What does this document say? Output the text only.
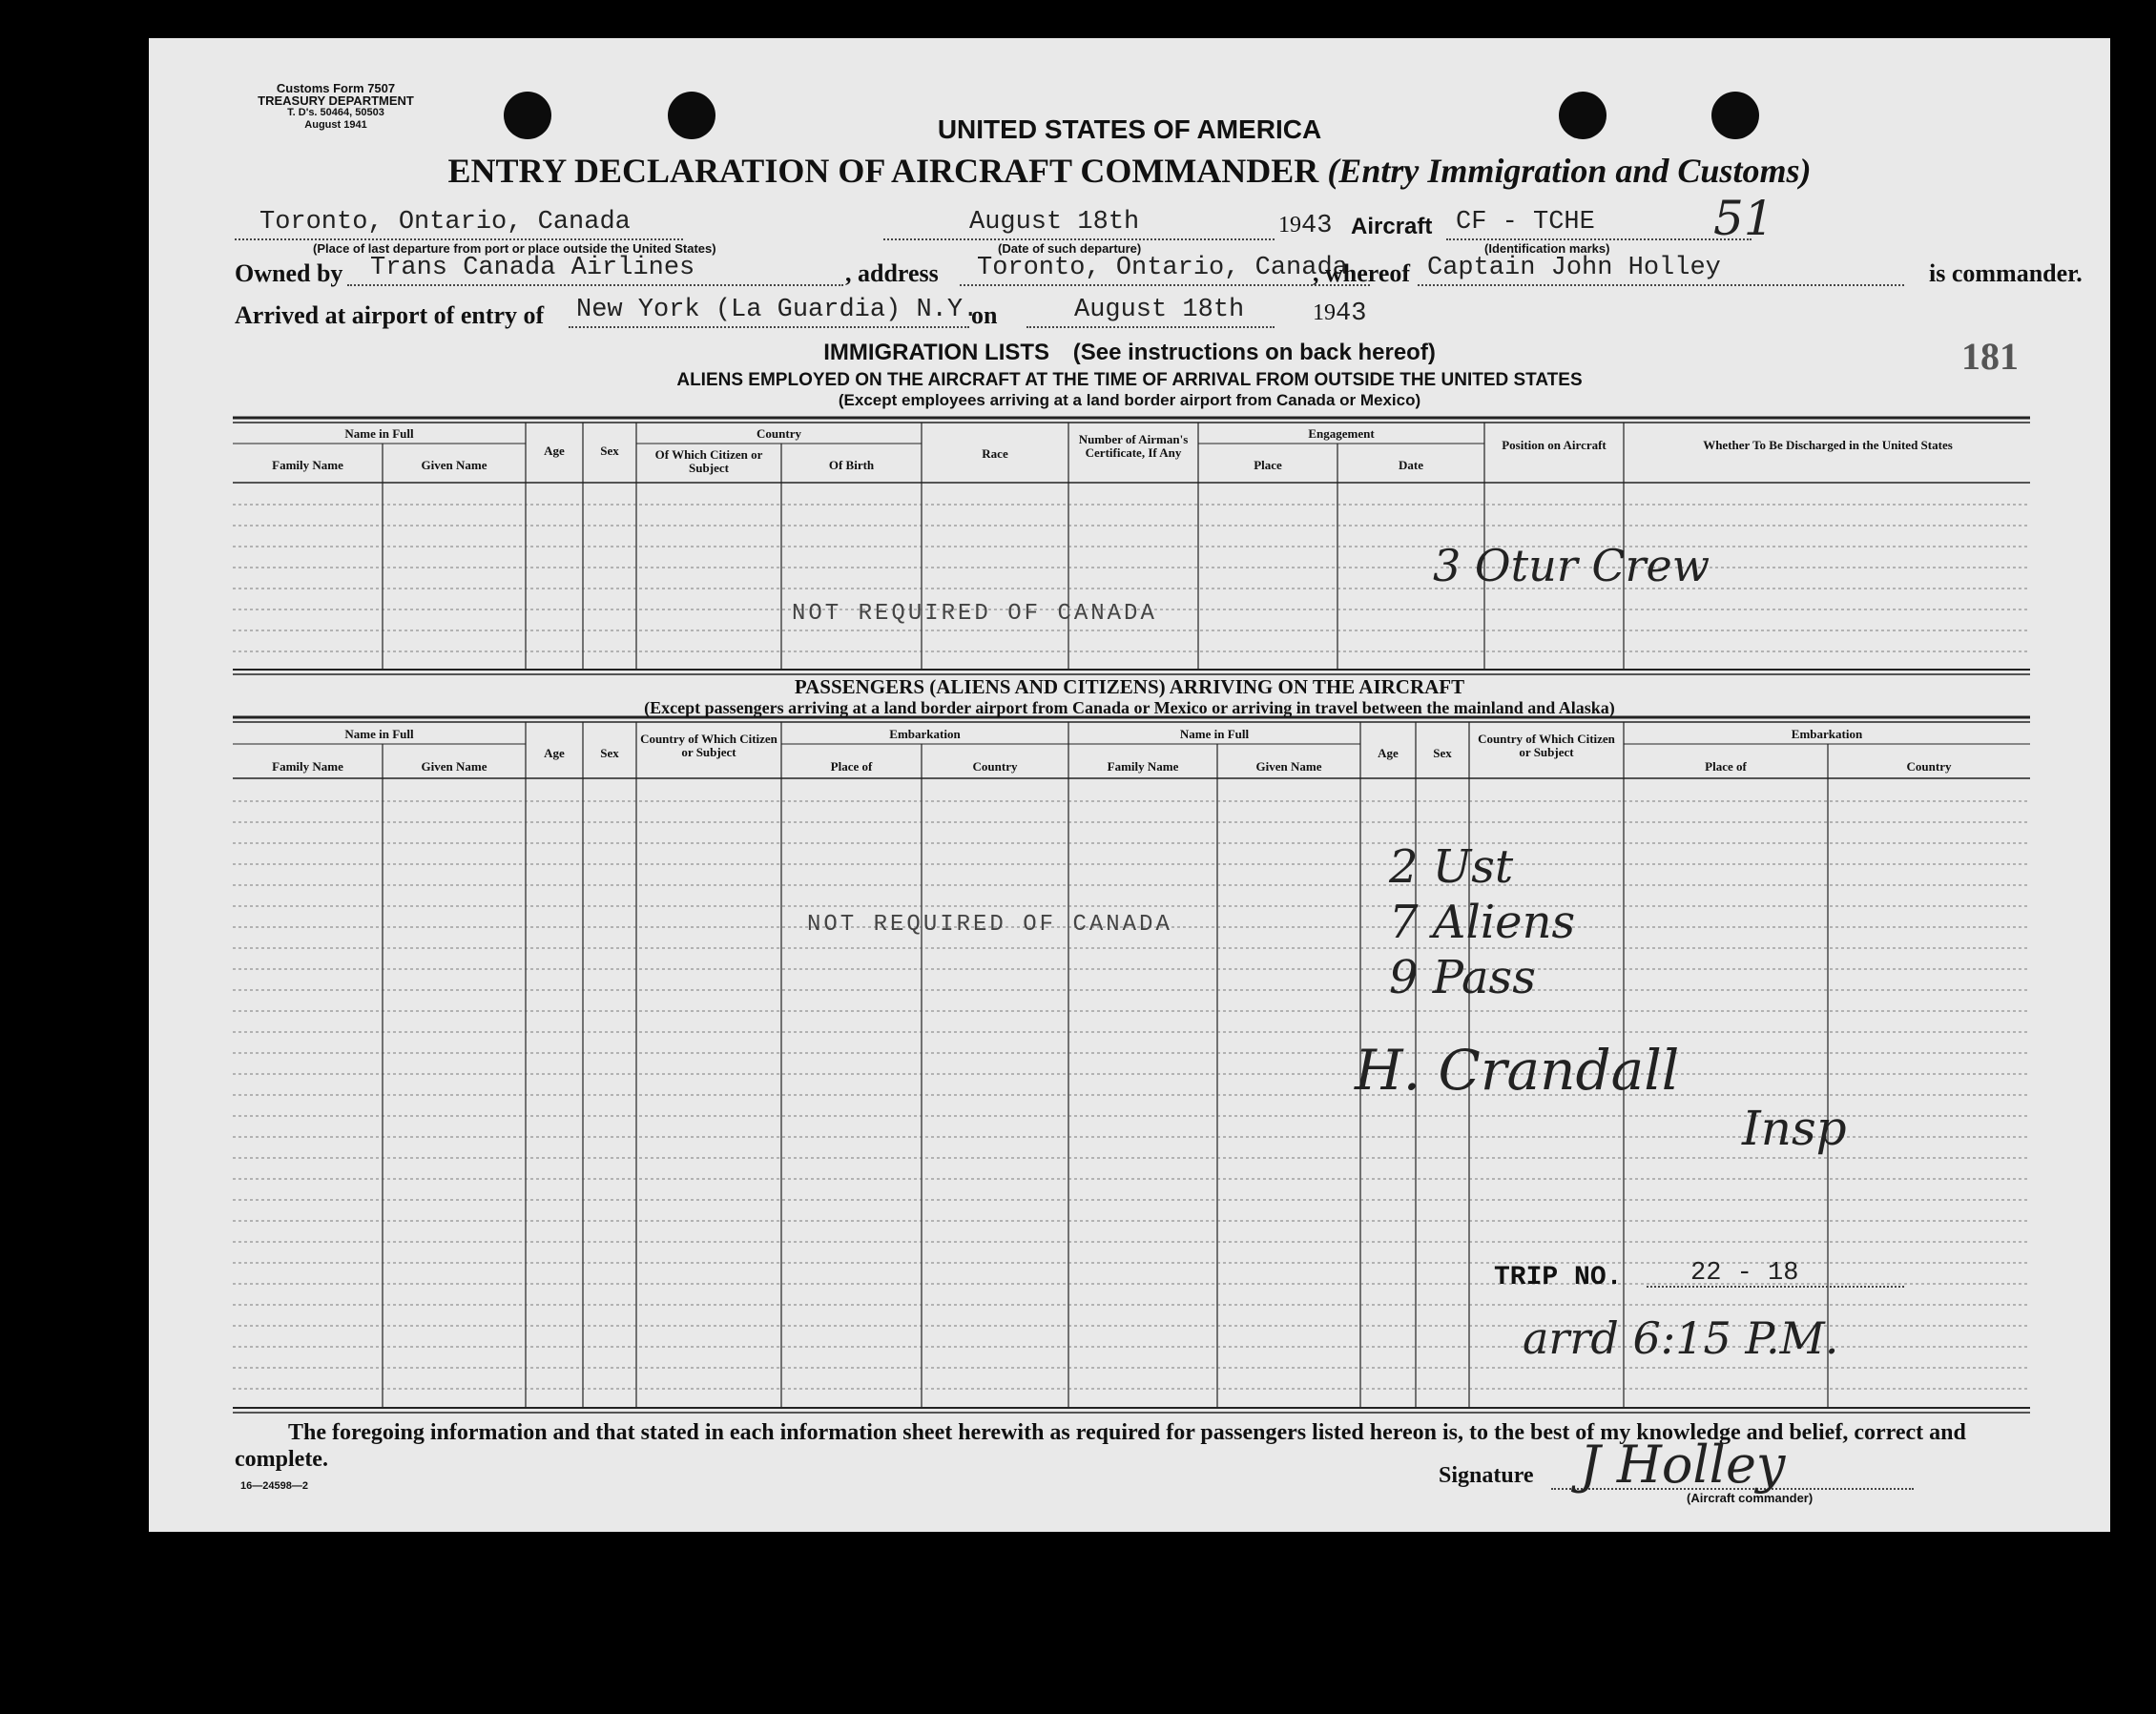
Customs Form 7507
TREASURY DEPARTMENT
T. D's. 50464, 50503
August 1941	UNITED STATES OF AMERICA
ENTRY DECLARATION OF AIRCRAFT COMMANDER (Entry Immigration and Customs)
181
Toronto, Ontario, Canada
(Place of last departure from port or place outside the United States)
August 18th
(Date of such departure)
1943 Aircraft CF - TCHE 51
(Identification marks)
Owned by Trans Canada Airlines	, address Toronto, Ontario, Canada
, whereof Captain John Holley	is commander.
Arrived at airport of entry of New York (La Guardia) N.Y.
on	August 18th	1943
IMMIGRATION LISTS (See instructions on back hereof)
ALIENS EMPLOYED ON THE AIRCRAFT AT THE TIME OF ARRIVAL FROM OUTSIDE THE UNITED STATES
(Except employees arriving at a land border airport from Canada or Mexico)
Name in Full
Family Name	Given Name
Age	Sex
Country
Of Which Citizen or Subject	Of Birth
Race
Number of Airman's Certificate, If Any
Engagement
Place	Date
Position on Aircraft	Whether To Be Discharged in the United States
NOT REQUIRED OF CANADA
3 Otur Crew
PASSENGERS (ALIENS AND CITIZENS) ARRIVING ON THE AIRCRAFT
(Except passengers arriving at a land border airport from Canada or Mexico or arriving in travel between the mainland and Alaska)
Name in Full
Family Name	Given Name
Age	Sex
Country of Which Citizen or Subject
Embarkation
Place of	Country
Name in Full
Family Name	Given Name
Age	Sex
Country of Which Citizen or Subject
Embarkation
Place of	Country
NOT REQUIRED OF CANADA
2 Ust
7 Aliens
9 Pass
H. Crandall
Insp
TRIP NO.	22 - 18
arrd 6:15 P.M.
The foregoing information and that stated in each information sheet herewith as required for passengers listed hereon is, to the best of my knowledge and belief, correct and complete.
16—24598—2	Signature J Holley
(Aircraft commander)
